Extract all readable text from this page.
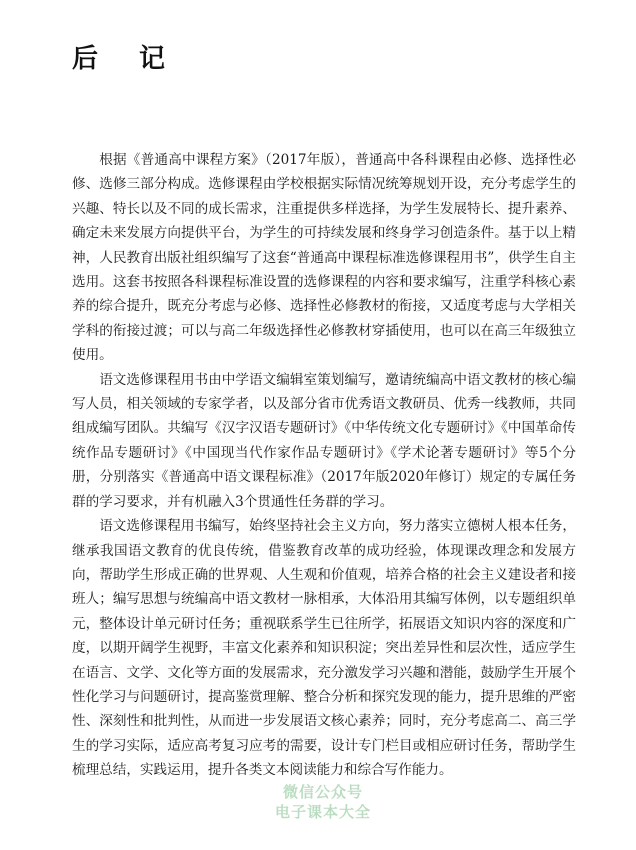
后 记

根据《普通高中课程方案》（2017年版），普通高中各科课程由必修、选择性必修、选修三部分构成。选修课程由学校根据实际情况统筹规划开设，充分考虑学生的兴趣、特长以及不同的成长需求，注重提供多样选择，为学生发展特长、提升素养、确定未来发展方向提供平台，为学生的可持续发展和终身学习创造条件。基于以上精神，人民教育出版社组织编写了这套“普通高中课程标准选修课程用书”，供学生自主选用。这套书按照各科课程标准设置的选修课程的内容和要求编写，注重学科核心素养的综合提升，既充分考虑与必修、选择性必修教材的衔接，又适度考虑与大学相关学科的衔接过渡；可以与高二年级选择性必修教材穿插使用，也可以在高三年级独立使用。

语文选修课程用书由中学语文编辑室策划编写，邀请统编高中语文教材的核心编写人员，相关领域的专家学者，以及部分省市优秀语文教研员、优秀一线教师，共同组成编写团队。共编写《汉字汉语专题研讨》《中华传统文化专题研讨》《中国革命传统作品专题研讨》《中国现当代作家作品专题研讨》《学术论著专题研讨》等5个分册，分别落实《普通高中语文课程标准》（2017年版2020年修订）规定的专属任务群的学习要求，并有机融入3个贯通性任务群的学习。

语文选修课程用书编写，始终坚持社会主义方向，努力落实立德树人根本任务，继承我国语文教育的优良传统，借鉴教育改革的成功经验，体现课改理念和发展方向，帮助学生形成正确的世界观、人生观和价值观，培养合格的社会主义建设者和接班人；编写思想与统编高中语文教材一脉相承，大体沿用其编写体例，以专题组织单元，整体设计单元研讨任务；重视联系学生已往所学，拓展语文知识内容的深度和广度，以期开阔学生视野，丰富文化素养和知识积淀；突出差异性和层次性，适应学生在语言、文学、文化等方面的发展需求，充分激发学习兴趣和潜能，鼓励学生开展个性化学习与问题研讨，提高鉴赏理解、整合分析和探究发现的能力，提升思维的严密性、深刻性和批判性，从而进一步发展语文核心素养；同时，充分考虑高二、高三学生的学习实际，适应高考复习应考的需要，设计专门栏目或相应研讨任务，帮助学生梳理总结，实践运用，提升各类文本阅读能力和综合写作能力。

微信公众号
电子课本大全
